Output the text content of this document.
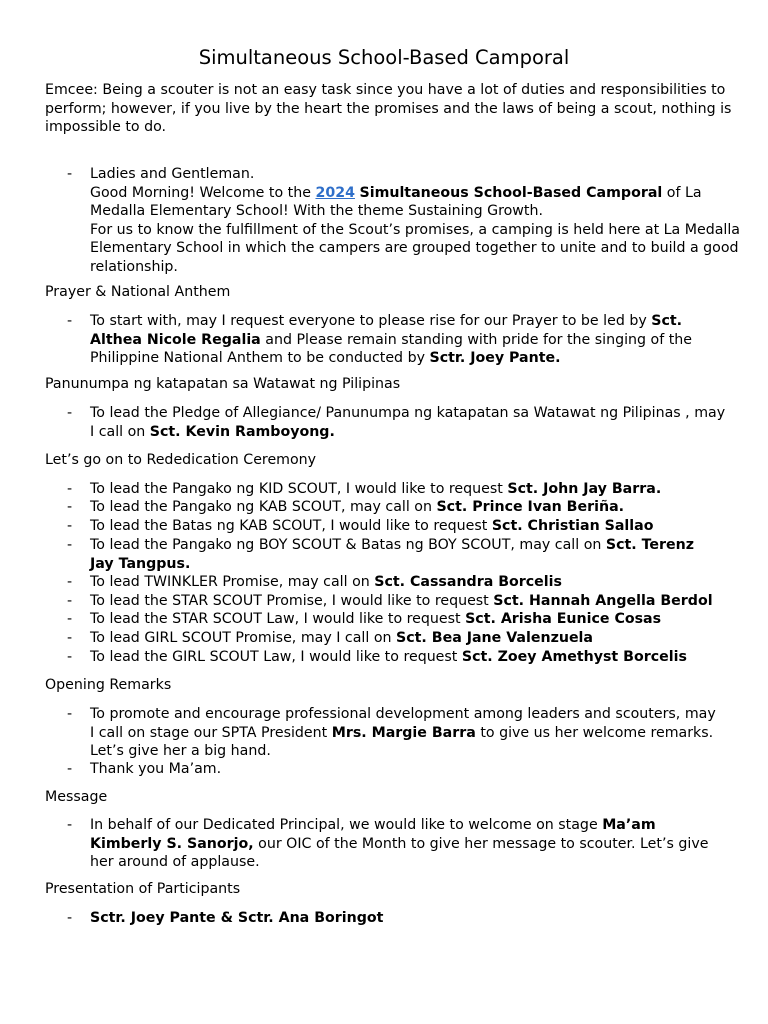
Simultaneous School-Based Camporal
Emcee: Being a scouter is not an easy task since you have a lot of duties and responsibilities to perform; however, if you live by the heart the promises and the laws of being a scout, nothing is impossible to do.
- Ladies and Gentleman.
Good Morning! Welcome to the 2024 Simultaneous School-Based Camporal of La Medalla Elementary School! With the theme Sustaining Growth.
For us to know the fulfillment of the Scout’s promises, a camping is held here at La Medalla Elementary School in which the campers are grouped together to unite and to build a good relationship.
Prayer & National Anthem
- To start with, may I request everyone to please rise for our Prayer to be led by Sct. Althea Nicole Regalia and Please remain standing with pride for the singing of the Philippine National Anthem to be conducted by Sctr. Joey Pante.
Panunumpa ng katapatan sa Watawat ng Pilipinas
- To lead the Pledge of Allegiance/ Panunumpa ng katapatan sa Watawat ng Pilipinas , may I call on Sct. Kevin Ramboyong.
Let’s go on to Rededication Ceremony
- To lead the Pangako ng KID SCOUT, I would like to request Sct. John Jay Barra.
- To lead the Pangako ng KAB SCOUT, may call on Sct. Prince Ivan Beriña.
- To lead the Batas ng KAB SCOUT, I would like to request Sct. Christian Sallao
- To lead the Pangako ng BOY SCOUT & Batas ng BOY SCOUT, may call on Sct. Terenz Jay Tangpus.
- To lead TWINKLER Promise, may call on Sct. Cassandra Borcelis
- To lead the STAR SCOUT Promise, I would like to request Sct. Hannah Angella Berdol
- To lead the STAR SCOUT Law, I would like to request Sct. Arisha Eunice Cosas
- To lead GIRL SCOUT Promise, may I call on Sct. Bea Jane Valenzuela
- To lead the GIRL SCOUT Law, I would like to request Sct. Zoey Amethyst Borcelis
Opening Remarks
- To promote and encourage professional development among leaders and scouters, may I call on stage our SPTA President Mrs. Margie Barra to give us her welcome remarks. Let’s give her a big hand.
- Thank you Ma’am.
Message
- In behalf of our Dedicated Principal, we would like to welcome on stage Ma’am Kimberly S. Sanorjo, our OIC of the Month to give her message to scouter. Let’s give her around of applause.
Presentation of Participants
- Sctr. Joey Pante & Sctr. Ana Boringot
